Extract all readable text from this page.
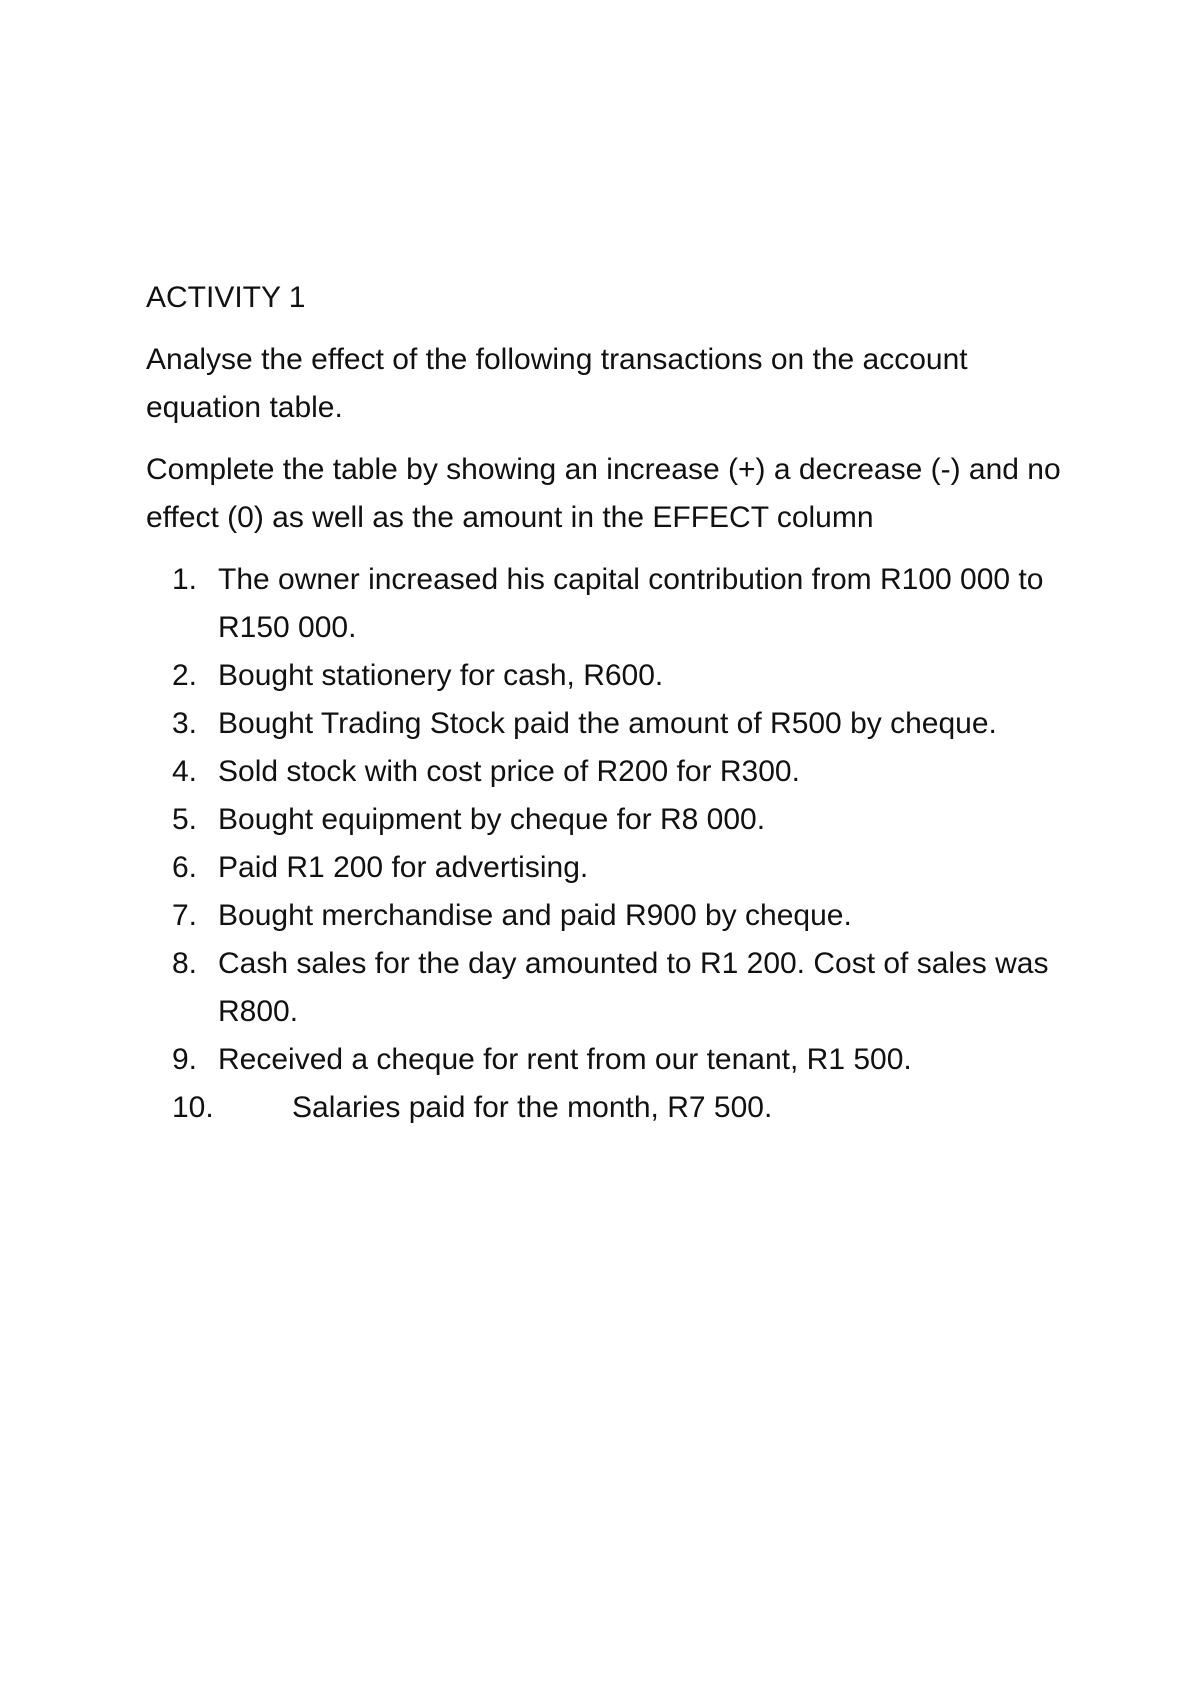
ACTIVITY 1

Analyse the effect of the following transactions on the account equation table.

Complete the table by showing an increase (+) a decrease (-) and no effect (0) as well as the amount in the EFFECT column

1. The owner increased his capital contribution from R100 000 to R150 000.
2. Bought stationery for cash, R600.
3. Bought Trading Stock paid the amount of R500 by cheque.
4. Sold stock with cost price of R200 for R300.
5. Bought equipment by cheque for R8 000.
6. Paid R1 200 for advertising.
7. Bought merchandise and paid R900 by cheque.
8. Cash sales for the day amounted to R1 200. Cost of sales was R800.
9. Received a cheque for rent from our tenant, R1 500.
10.	Salaries paid for the month, R7 500.
